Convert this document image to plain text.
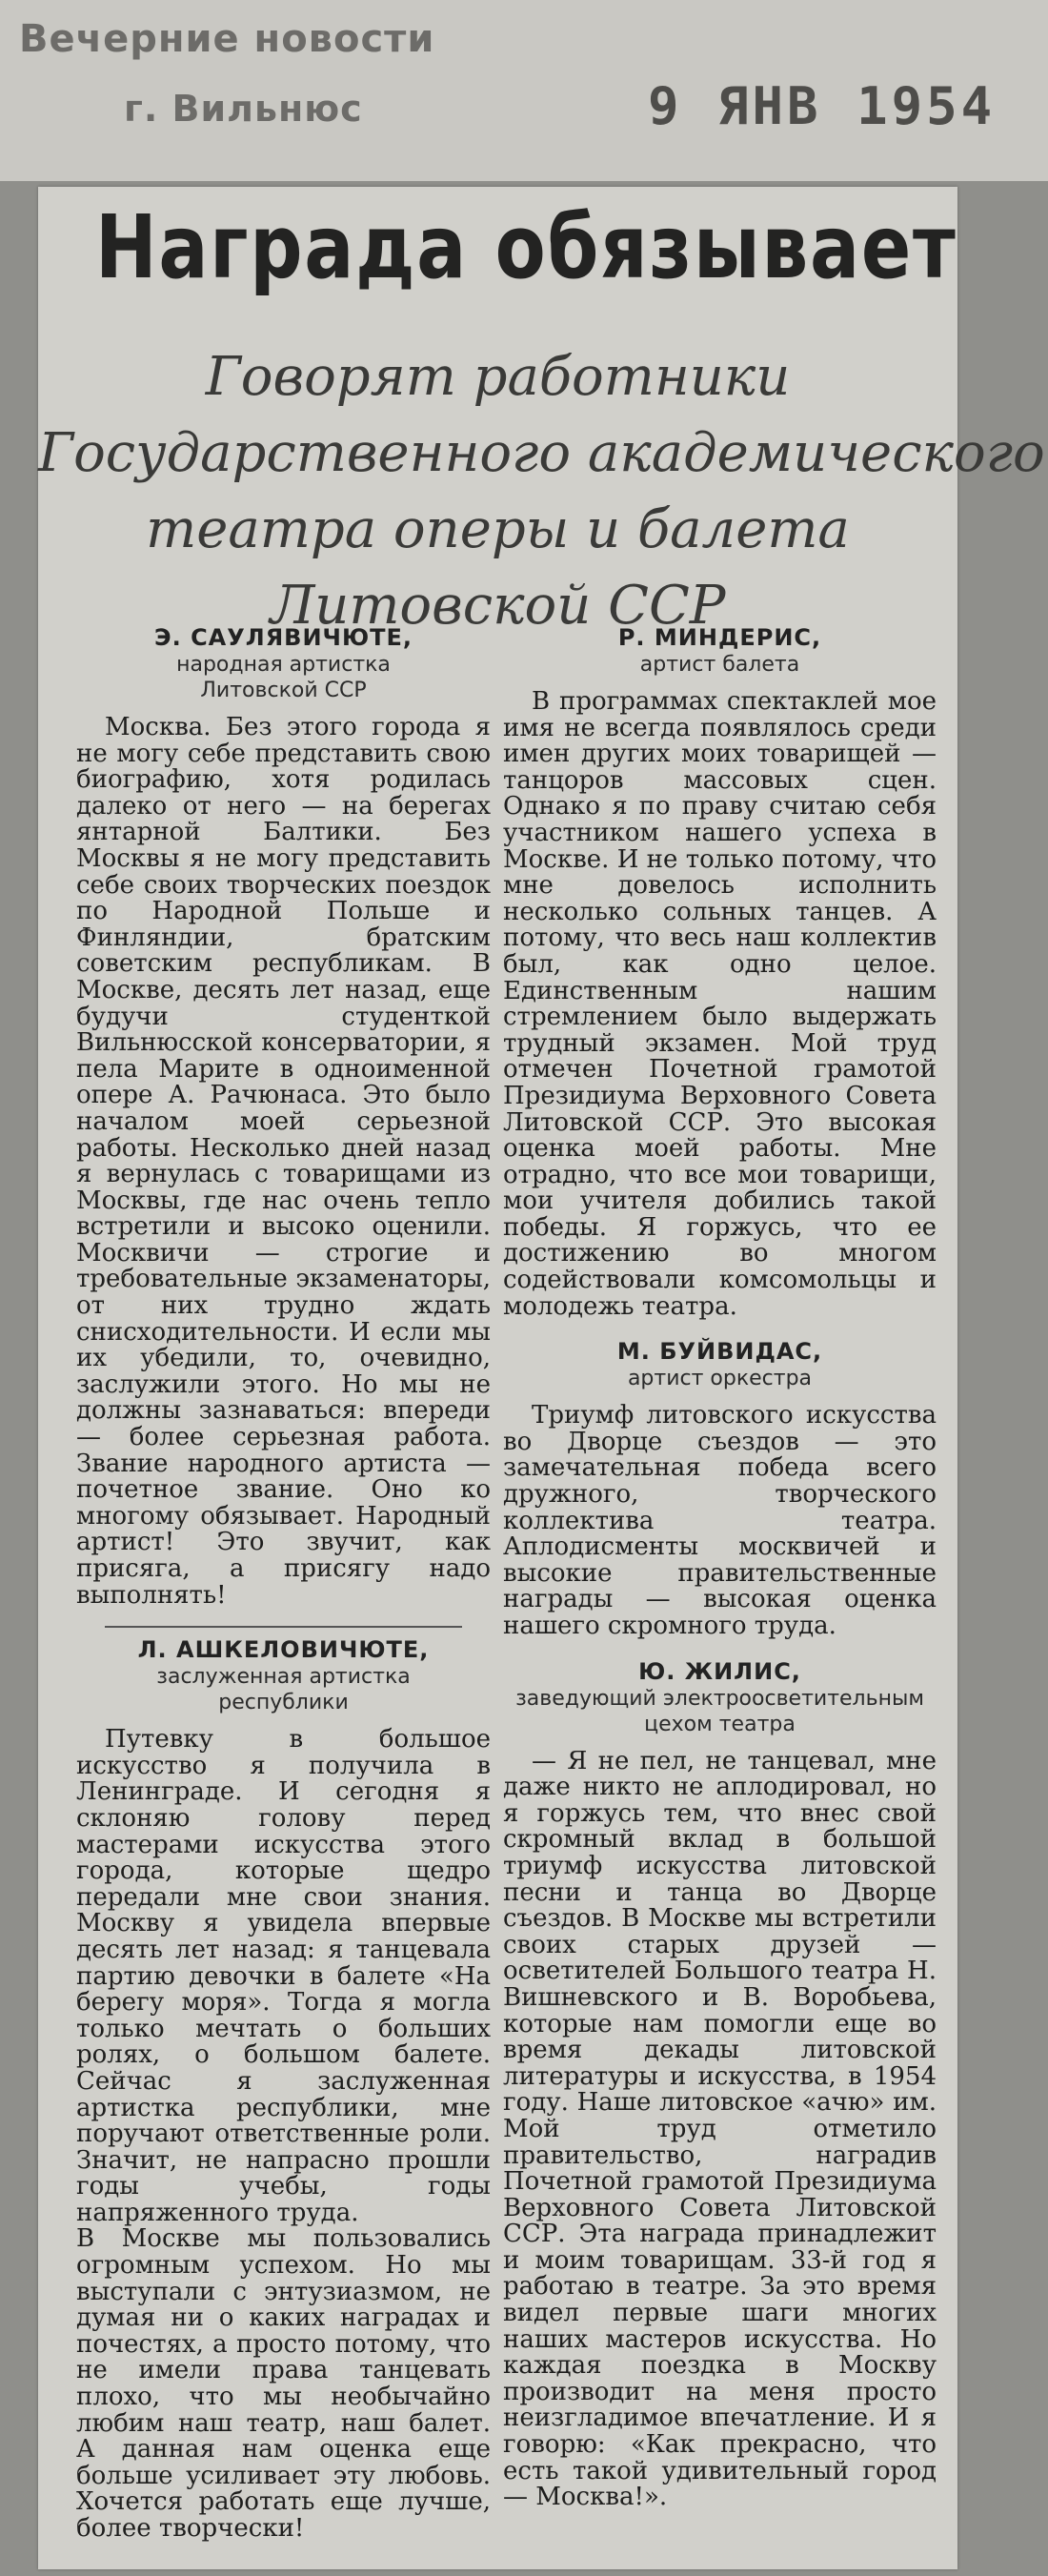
Вечерние новости
г. Вильнюс	9 ЯНВ 1954
Награда обязывает
Говорят работники
Государственного академического
театра оперы и балета
Литовской ССР
Э. САУЛЯВИЧЮТЕ,
народная артистка
Литовской ССР
Москва. Без этого города я не могу себе представить свою биографию, хотя родилась далеко от него — на берегах янтарной Балтики. Без Москвы я не могу представить себе своих творческих поездок по Народной Польше и Финляндии, братским советским республикам. В Москве, десять лет назад, еще будучи студенткой Вильнюсской консерватории, я пела Марите в одноименной опере А. Рачюнаса. Это было началом моей серьезной работы. Несколько дней назад я вернулась с товарищами из Москвы, где нас очень тепло встретили и высоко оценили. Москвичи — строгие и требовательные экзаменаторы, от них трудно ждать снисходительности. И если мы их убедили, то, очевидно, заслужили этого. Но мы не должны зазнаваться: впереди — более серьезная работа. Звание народного артиста — почетное звание. Оно ко многому обязывает. Народный артист! Это звучит, как присяга, а присягу надо выполнять!
Л. АШКЕЛОВИЧЮТЕ,
заслуженная артистка
республики
Путевку в большое искусство я получила в Ленинграде. И сегодня я склоняю голову перед мастерами искусства этого города, которые щедро передали мне свои знания. Москву я увидела впервые десять лет назад: я танцевала партию девочки в балете «На берегу моря». Тогда я могла только мечтать о больших ролях, о большом балете. Сейчас я заслуженная артистка республики, мне поручают ответственные роли. Значит, не напрасно прошли годы учебы, годы напряженного труда.
В Москве мы пользовались огромным успехом. Но мы выступали с энтузиазмом, не думая ни о каких наградах и почестях, а просто потому, что не имели права танцевать плохо, что мы необычайно любим наш театр, наш балет. А данная нам оценка еще больше усиливает эту любовь. Хочется работать еще лучше, более творчески!
Р. МИНДЕРИС,
артист балета
В программах спектаклей мое имя не всегда появлялось среди имен других моих товарищей — танцоров массовых сцен. Однако я по праву считаю себя участником нашего успеха в Москве. И не только потому, что мне довелось исполнить несколько сольных танцев. А потому, что весь наш коллектив был, как одно целое. Единственным нашим стремлением было выдержать трудный экзамен. Мой труд отмечен Почетной грамотой Президиума Верховного Совета Литовской ССР. Это высокая оценка моей работы. Мне отрадно, что все мои товарищи, мои учителя добились такой победы. Я горжусь, что ее достижению во многом содействовали комсомольцы и молодежь театра.
М. БУЙВИДАС,
артист оркестра
Триумф литовского искусства во Дворце съездов — это замечательная победа всего дружного, творческого коллектива театра. Аплодисменты москвичей и высокие правительственные награды — высокая оценка нашего скромного труда.
Ю. ЖИЛИС,
заведующий электроосветительным цехом театра
— Я не пел, не танцевал, мне даже никто не аплодировал, но я горжусь тем, что внес свой скромный вклад в большой триумф искусства литовской песни и танца во Дворце съездов. В Москве мы встретили своих старых друзей — осветителей Большого театра Н. Вишневского и В. Воробьева, которые нам помогли еще во время декады литовской литературы и искусства, в 1954 году. Наше литовское «ачю» им. Мой труд отметило правительство, наградив Почетной грамотой Президиума Верховного Совета Литовской ССР. Эта награда принадлежит и моим товарищам. 33-й год я работаю в театре. За это время видел первые шаги многих наших мастеров искусства. Но каждая поездка в Москву производит на меня просто неизгладимое впечатление. И я говорю: «Как прекрасно, что есть такой удивительный город — Москва!».
